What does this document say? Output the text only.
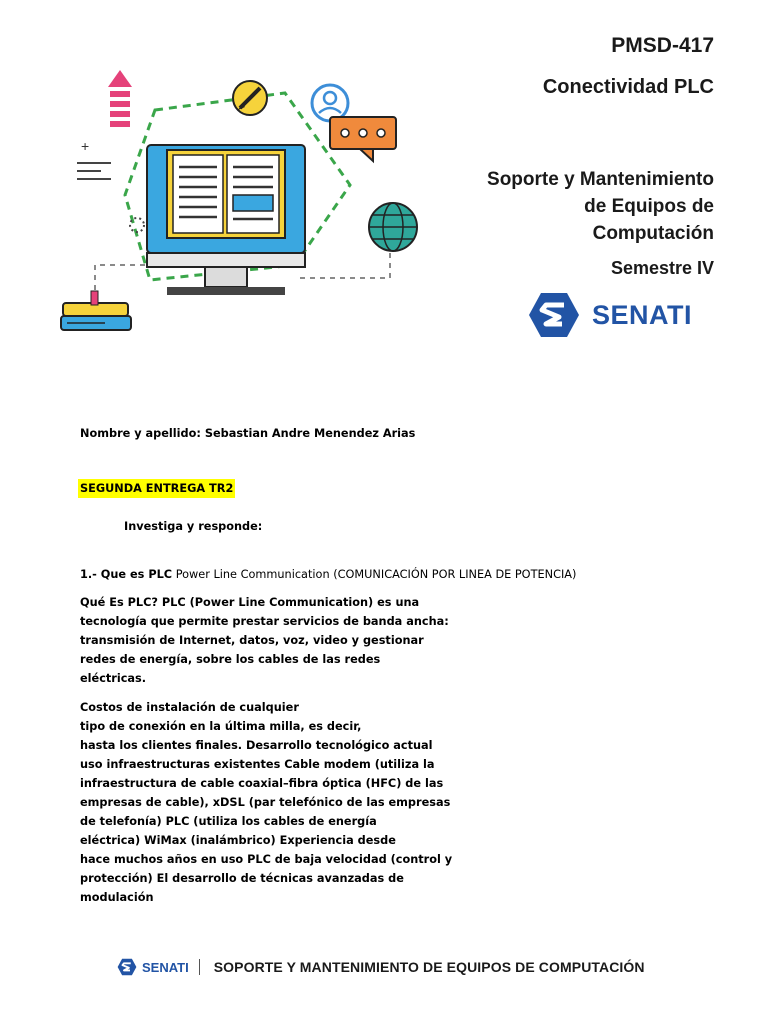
+
PMSD-417
Conectividad PLC
Soporte y Mantenimiento
de Equipos de
Computación
Semestre IV
SENATI
Nombre y apellido: Sebastian Andre Menendez Arias
SEGUNDA ENTREGA TR2
Investiga y responde:
1.- Que es PLC Power Line Communication (COMUNICACIÓN POR LINEA DE POTENCIA)
Qué Es PLC? PLC (Power Line Communication) es una
tecnología que permite prestar servicios de banda ancha:
transmisión de Internet, datos, voz, video y gestionar
redes de energía, sobre los cables de las redes
eléctricas.
Costos de instalación de cualquier
tipo de conexión en la última milla, es decir,
hasta los clientes finales. Desarrollo tecnológico actual
uso infraestructuras existentes Cable modem (utiliza la
infraestructura de cable coaxial–fibra óptica (HFC) de las
empresas de cable), xDSL (par telefónico de las empresas
de telefonía) PLC (utiliza los cables de energía
eléctrica) WiMax (inalámbrico) Experiencia desde
hace muchos años en uso PLC de baja velocidad (control y
protección) El desarrollo de técnicas avanzadas de
modulación
SENATI SOPORTE Y MANTENIMIENTO DE EQUIPOS DE COMPUTACIÓN
